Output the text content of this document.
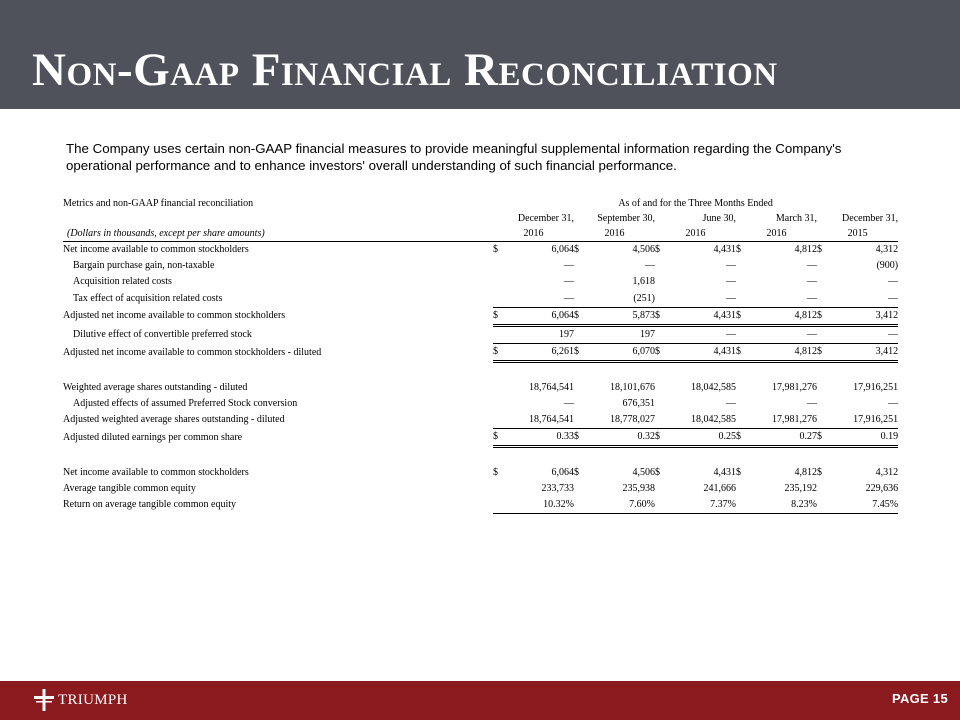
Non-Gaap Financial Reconciliation
The Company uses certain non-GAAP financial measures to provide meaningful supplemental information regarding the Company's operational performance and to enhance investors' overall understanding of such financial performance.
Metrics and non-GAAP financial reconciliation	As of and for the Three Months Ended									
	December 31,		September 30,		June 30,		March 31,		December 31,	
(Dollars in thousands, except per share amounts)	2016		2016		2016		2016		2015	
Net income available to common stockholders	$	6,064	$	4,506	$	4,431	$	4,812	$	4,312
Bargain purchase gain, non-taxable		—		—		—		—		(900)
Acquisition related costs		—		1,618		—		—		—
Tax effect of acquisition related costs		—		(251)		—		—		—
Adjusted net income available to common stockholders	$	6,064	$	5,873	$	4,431	$	4,812	$	3,412
Dilutive effect of convertible preferred stock		197		197		—		—		—
Adjusted net income available to common stockholders - diluted	$	6,261	$	6,070	$	4,431	$	4,812	$	3,412

Weighted average shares outstanding - diluted		18,764,541		18,101,676		18,042,585		17,981,276		17,916,251
Adjusted effects of assumed Preferred Stock conversion		—		676,351		—		—		—
Adjusted weighted average shares outstanding - diluted		18,764,541		18,778,027		18,042,585		17,981,276		17,916,251
Adjusted diluted earnings per common share	$	0.33	$	0.32	$	0.25	$	0.27	$	0.19

Net income available to common stockholders	$	6,064	$	4,506	$	4,431	$	4,812	$	4,312
Average tangible common equity		233,733		235,938		241,666		235,192		229,636
Return on average tangible common equity		10.32%		7.60%		7.37%		8.23%		7.45%
TRIUMPH	PAGE 15
